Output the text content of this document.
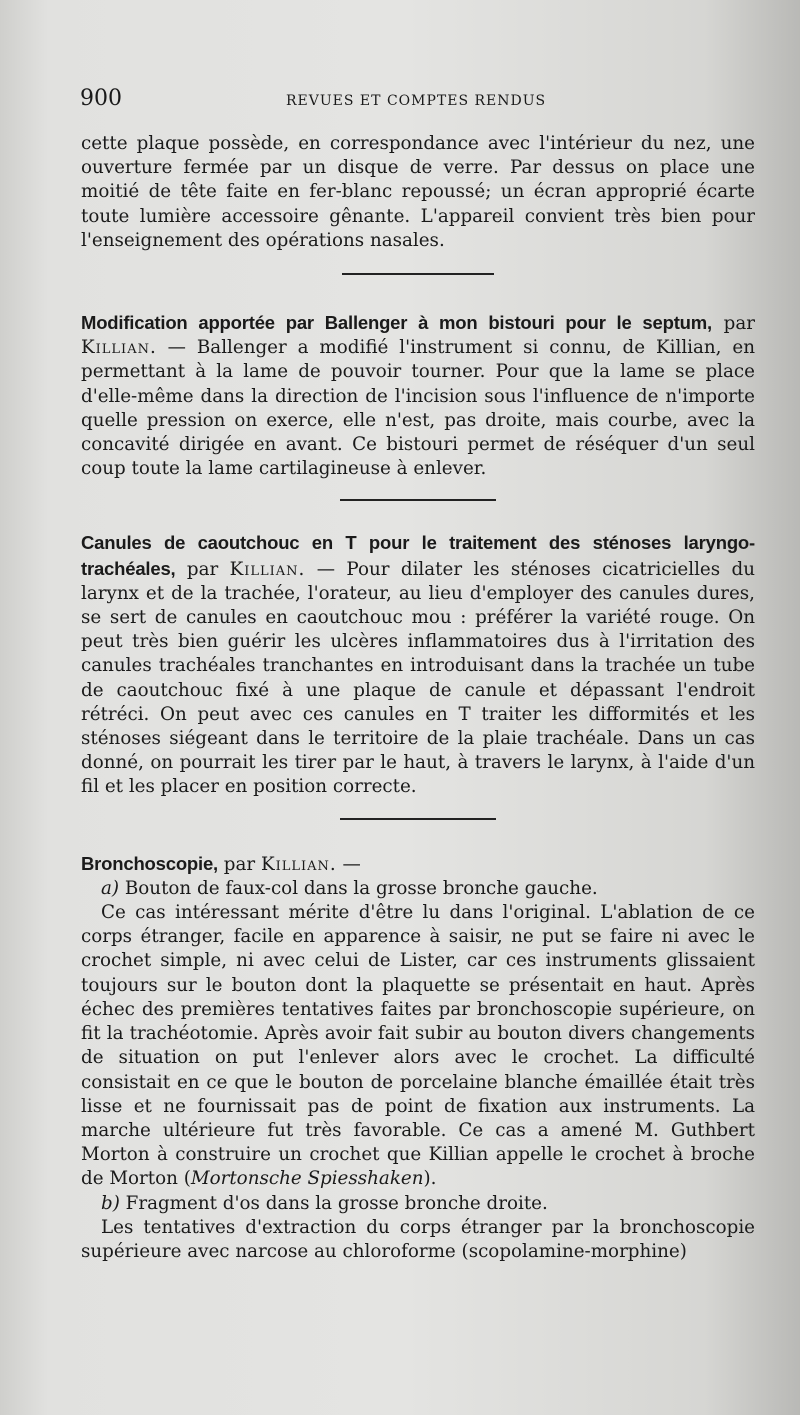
900	REVUES ET COMPTES RENDUS

cette plaque possède, en correspondance avec l'intérieur du nez, une ouverture fermée par un disque de verre. Par dessus on place une moitié de tête faite en fer-blanc repoussé; un écran approprié écarte toute lumière accessoire gênante. L'appareil convient très bien pour l'enseignement des opérations nasales.

Modification apportée par Ballenger à mon bistouri pour le septum, par Killian. — Ballenger a modifié l'instrument si connu, de Killian, en permettant à la lame de pouvoir tourner. Pour que la lame se place d'elle-même dans la direction de l'incision sous l'influence de n'importe quelle pression on exerce, elle n'est, pas droite, mais courbe, avec la concavité dirigée en avant. Ce bistouri permet de réséquer d'un seul coup toute la lame cartilagineuse à enlever.

Canules de caoutchouc en T pour le traitement des sténoses laryngo-trachéales, par Killian. — Pour dilater les sténoses cicatricielles du larynx et de la trachée, l'orateur, au lieu d'employer des canules dures, se sert de canules en caoutchouc mou : préférer la variété rouge. On peut très bien guérir les ulcères inflammatoires dus à l'irritation des canules trachéales tranchantes en introduisant dans la trachée un tube de caoutchouc fixé à une plaque de canule et dépassant l'endroit rétréci. On peut avec ces canules en T traiter les difformités et les sténoses siégeant dans le territoire de la plaie trachéale. Dans un cas donné, on pourrait les tirer par le haut, à travers le larynx, à l'aide d'un fil et les placer en position correcte.

Bronchoscopie, par Killian. —

a) Bouton de faux-col dans la grosse bronche gauche.

Ce cas intéressant mérite d'être lu dans l'original. L'ablation de ce corps étranger, facile en apparence à saisir, ne put se faire ni avec le crochet simple, ni avec celui de Lister, car ces instruments glissaient toujours sur le bouton dont la plaquette se présentait en haut. Après échec des premières tentatives faites par bronchoscopie supérieure, on fit la trachéotomie. Après avoir fait subir au bouton divers changements de situation on put l'enlever alors avec le crochet. La difficulté consistait en ce que le bouton de porcelaine blanche émaillée était très lisse et ne fournissait pas de point de fixation aux instruments. La marche ultérieure fut très favorable. Ce cas a amené M. Guthbert Morton à construire un crochet que Killian appelle le crochet à broche de Morton (Mortonsche Spiesshaken).

b) Fragment d'os dans la grosse bronche droite.

Les tentatives d'extraction du corps étranger par la bronchoscopie supérieure avec narcose au chloroforme (scopolamine-morphine)
